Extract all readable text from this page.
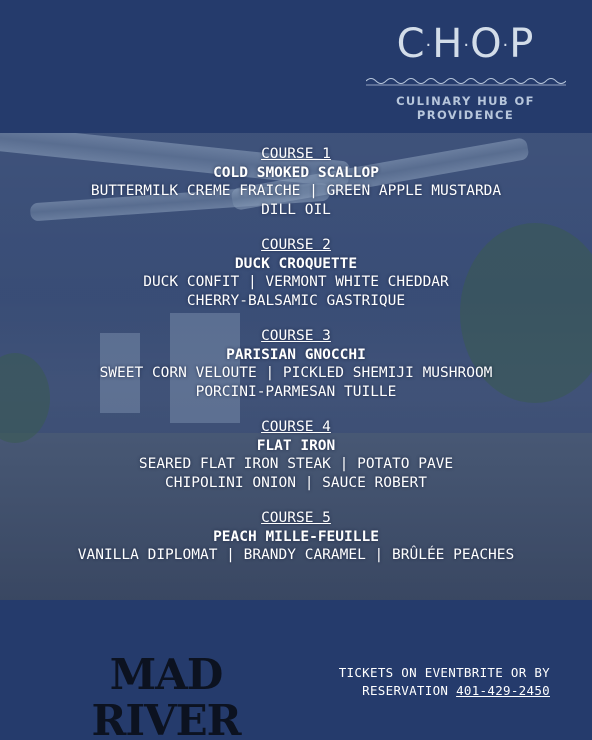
C·H·O·P
CULINARY HUB OF PROVIDENCE
COURSE 1
COLD SMOKED SCALLOP
BUTTERMILK CREME FRAICHE | GREEN APPLE MUSTARDA
DILL OIL
COURSE 2
DUCK CROQUETTE
DUCK CONFIT | VERMONT WHITE CHEDDAR
CHERRY-BALSAMIC GASTRIQUE
COURSE 3
PARISIAN GNOCCHI
SWEET CORN VELOUTE | PICKLED SHEMIJI MUSHROOM
PORCINI-PARMESAN TUILLE
COURSE 4
FLAT IRON
SEARED FLAT IRON STEAK | POTATO PAVE
CHIPOLINI ONION | SAUCE ROBERT
COURSE 5
PEACH MILLE-FEUILLE
VANILLA DIPLOMAT | BRANDY CARAMEL | BRÛLÉE PEACHES
MAD RIVER
TICKETS ON EVENTBRITE OR BY
RESERVATION 401-429-2450
